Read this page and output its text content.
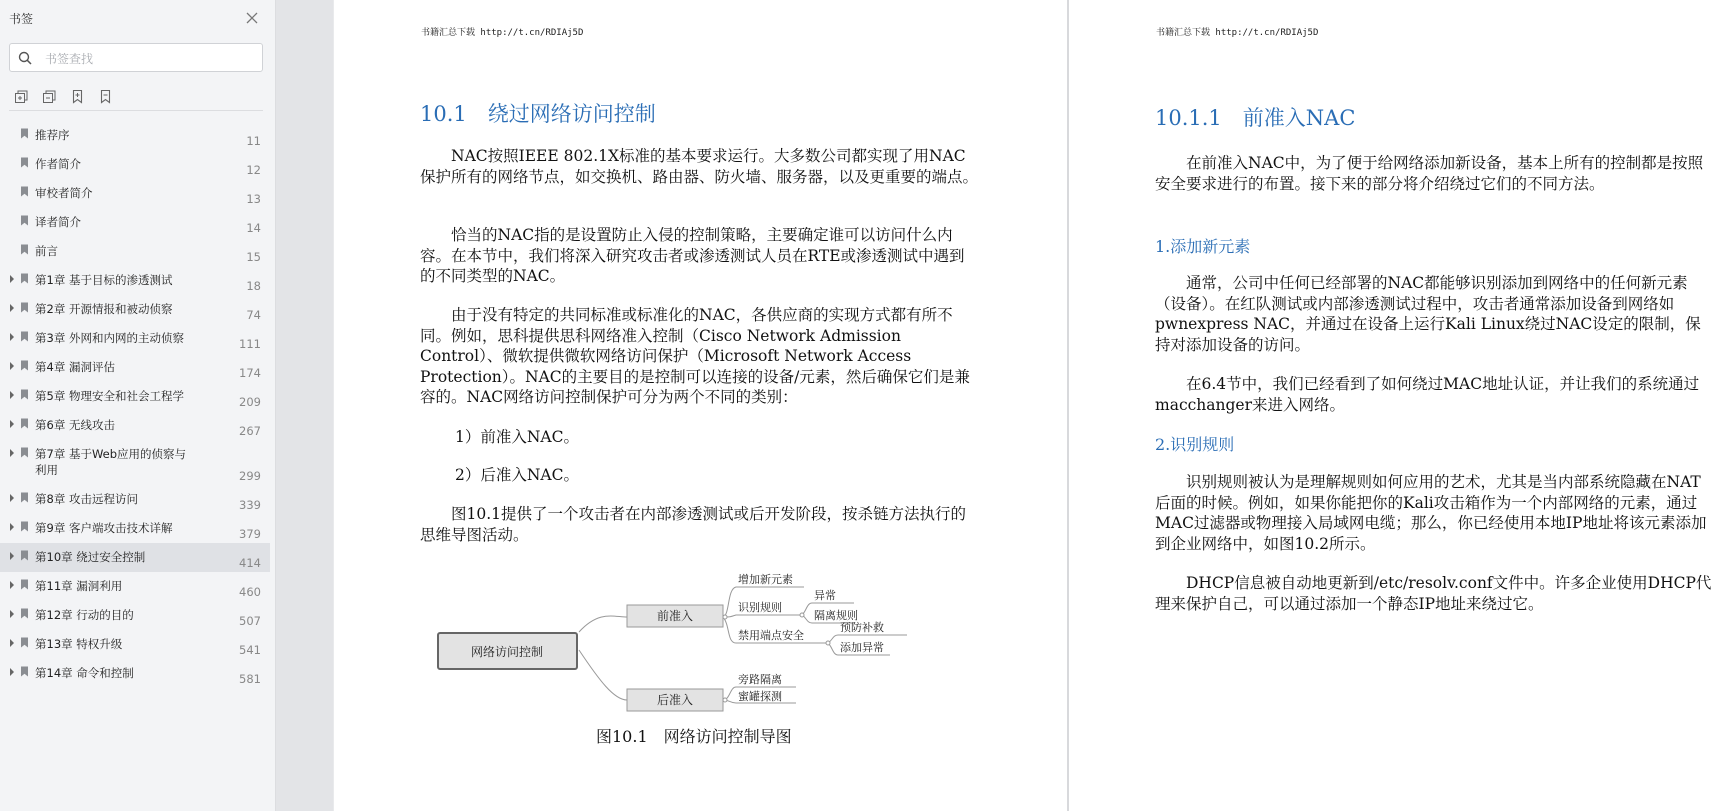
书签
书签查找
推荐序	11
作者简介	12
审校者简介	13
译者简介	14
前言	15
第1章 基于目标的渗透测试	18
第2章 开源情报和被动侦察	74
第3章 外网和内网的主动侦察	111
第4章 漏洞评估	174
第5章 物理安全和社会工程学	209
第6章 无线攻击	267
第7章 基于Web应用的侦察与利用	299
第8章 攻击远程访问	339
第9章 客户端攻击技术详解	379
第10章 绕过安全控制	414
第11章 漏洞利用	460
第12章 行动的目的	507
第13章 特权升级	541
第14章 命令和控制	581
书籍汇总下载 http://t.cn/RDIAj5D
10.1　绕过网络访问控制

NAC按照IEEE 802.1X标准的基本要求运行。大多数公司都实现了用NAC保护所有的网络节点，如交换机、路由器、防火墙、服务器，以及更重要的端点。

恰当的NAC指的是设置防止入侵的控制策略，主要确定谁可以访问什么内容。在本节中，我们将深入研究攻击者或渗透测试人员在RTE或渗透测试中遇到的不同类型的NAC。

由于没有特定的共同标准或标准化的NAC，各供应商的实现方式都有所不同。例如，思科提供思科网络准入控制（Cisco Network Admission Control）、微软提供微软网络访问保护（Microsoft Network Access Protection）。NAC的主要目的是控制可以连接的设备/元素，然后确保它们是兼容的。NAC网络访问控制保护可分为两个不同的类别：

1）前准入NAC。
2）后准入NAC。

图10.1提供了一个攻击者在内部渗透测试或后开发阶段，按杀链方法执行的思维导图活动。

网络访问控制
前准入
后准入
增加新元素
识别规则
异常
隔离规则
禁用端点安全
预防补救
添加异常
旁路隔离
蜜罐探测
图10.1　网络访问控制导图
书籍汇总下载 http://t.cn/RDIAj5D
10.1.1　前准入NAC

在前准入NAC中，为了便于给网络添加新设备，基本上所有的控制都是按照安全要求进行的布置。接下来的部分将介绍绕过它们的不同方法。

1.添加新元素

通常，公司中任何已经部署的NAC都能够识别添加到网络中的任何新元素（设备）。在红队测试或内部渗透测试过程中，攻击者通常添加设备到网络如pwnexpress NAC，并通过在设备上运行Kali Linux绕过NAC设定的限制，保持对添加设备的访问。

在6.4节中，我们已经看到了如何绕过MAC地址认证，并让我们的系统通过macchanger来进入网络。

2.识别规则

识别规则被认为是理解规则如何应用的艺术，尤其是当内部系统隐藏在NAT后面的时候。例如，如果你能把你的Kali攻击箱作为一个内部网络的元素，通过MAC过滤器或物理接入局域网电缆；那么，你已经使用本地IP地址将该元素添加到企业网络中，如图10.2所示。

DHCP信息被自动地更新到/etc/resolv.conf文件中。许多企业使用DHCP代理来保护自己，可以通过添加一个静态IP地址来绕过它。
